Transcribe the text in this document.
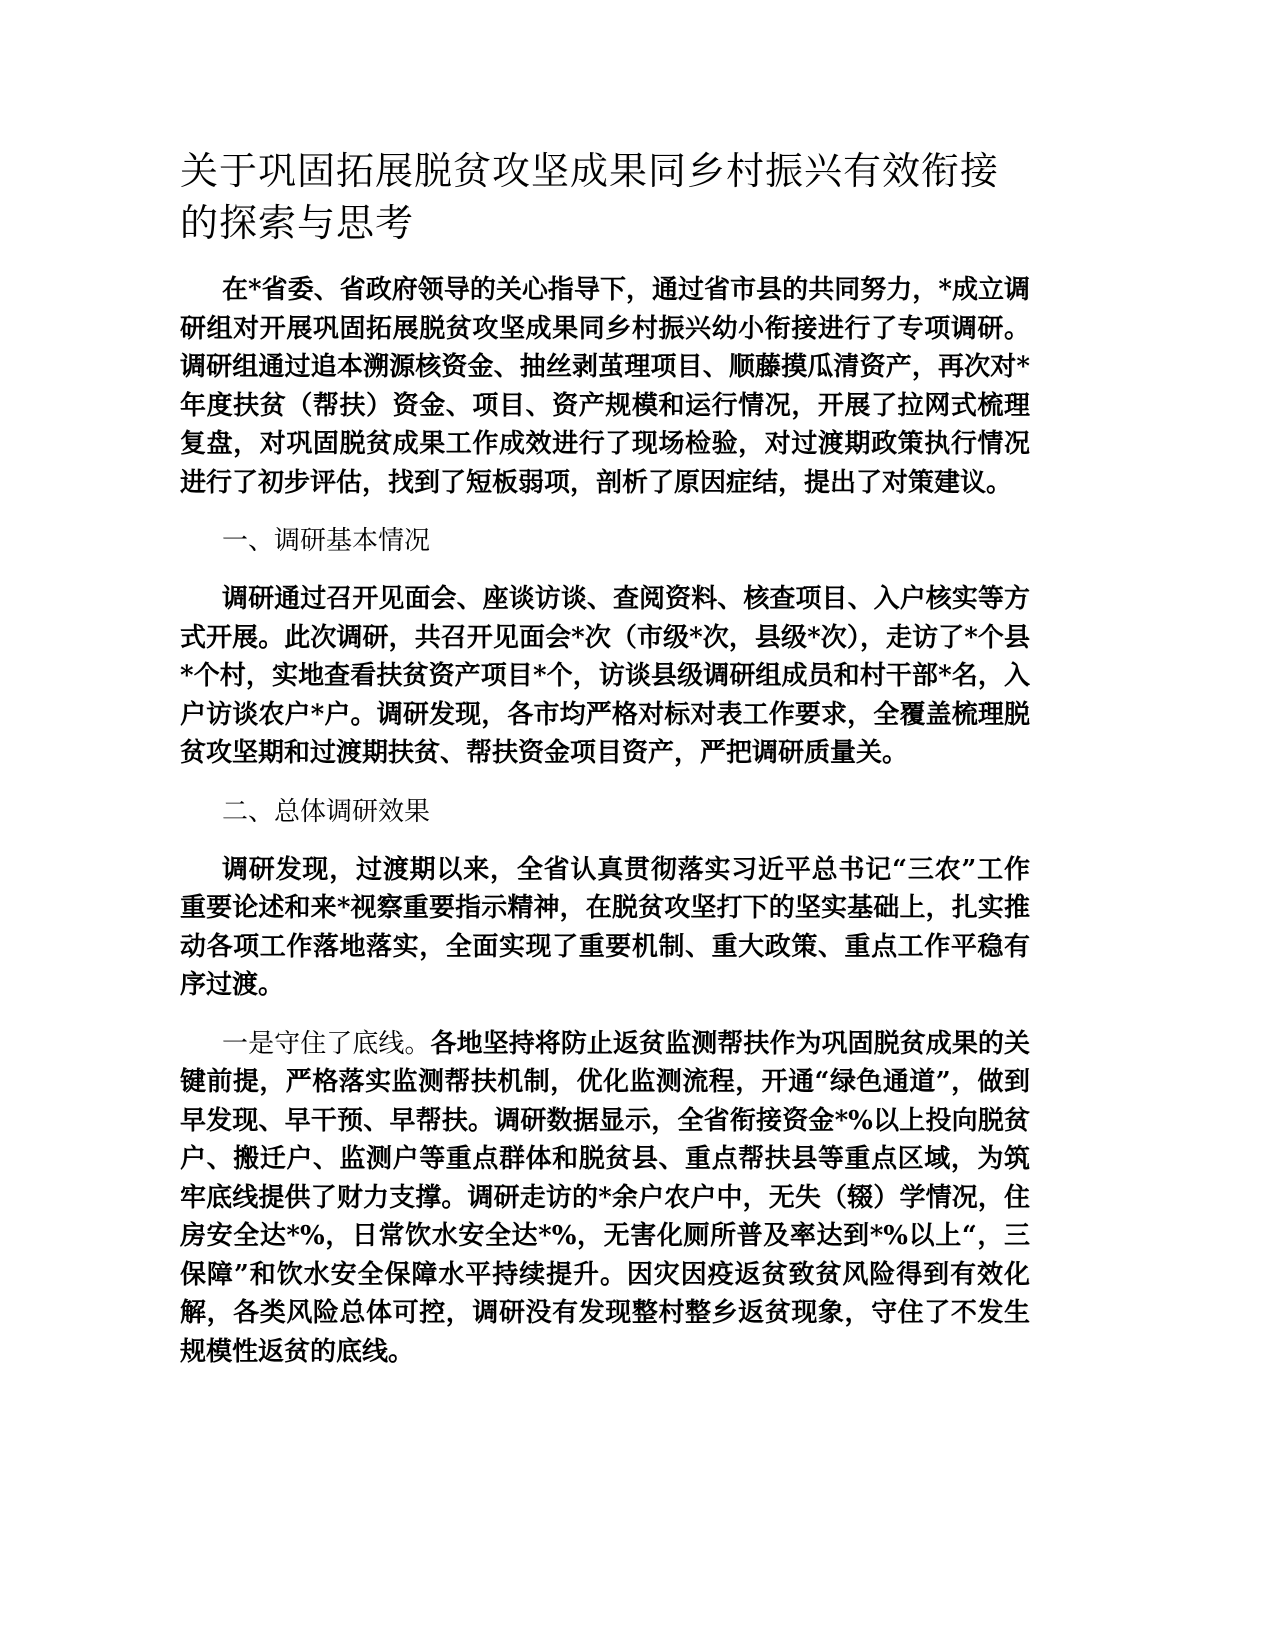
关于巩固拓展脱贫攻坚成果同乡村振兴有效衔接的探索与思考

在*省委、省政府领导的关心指导下，通过省市县的共同努力，*成立调研组对开展巩固拓展脱贫攻坚成果同乡村振兴幼小衔接进行了专项调研。调研组通过追本溯源核资金、抽丝剥茧理项目、顺藤摸瓜清资产，再次对*年度扶贫（帮扶）资金、项目、资产规模和运行情况，开展了拉网式梳理复盘，对巩固脱贫成果工作成效进行了现场检验，对过渡期政策执行情况进行了初步评估，找到了短板弱项，剖析了原因症结，提出了对策建议。

一、调研基本情况

调研通过召开见面会、座谈访谈、查阅资料、核查项目、入户核实等方式开展。此次调研，共召开见面会*次（市级*次，县级*次），走访了*个县*个村，实地查看扶贫资产项目*个，访谈县级调研组成员和村干部*名，入户访谈农户*户。调研发现，各市均严格对标对表工作要求，全覆盖梳理脱贫攻坚期和过渡期扶贫、帮扶资金项目资产，严把调研质量关。

二、总体调研效果

调研发现，过渡期以来，全省认真贯彻落实习近平总书记“三农”工作重要论述和来*视察重要指示精神，在脱贫攻坚打下的坚实基础上，扎实推动各项工作落地落实，全面实现了重要机制、重大政策、重点工作平稳有序过渡。

一是守住了底线。各地坚持将防止返贫监测帮扶作为巩固脱贫成果的关键前提，严格落实监测帮扶机制，优化监测流程，开通“绿色通道”，做到早发现、早干预、早帮扶。调研数据显示，全省衔接资金*%以上投向脱贫户、搬迁户、监测户等重点群体和脱贫县、重点帮扶县等重点区域，为筑牢底线提供了财力支撑。调研走访的*余户农户中，无失（辍）学情况，住房安全达*%，日常饮水安全达*%，无害化厕所普及率达到*%以上“，三保障”和饮水安全保障水平持续提升。因灾因疫返贫致贫风险得到有效化解，各类风险总体可控，调研没有发现整村整乡返贫现象，守住了不发生规模性返贫的底线。
